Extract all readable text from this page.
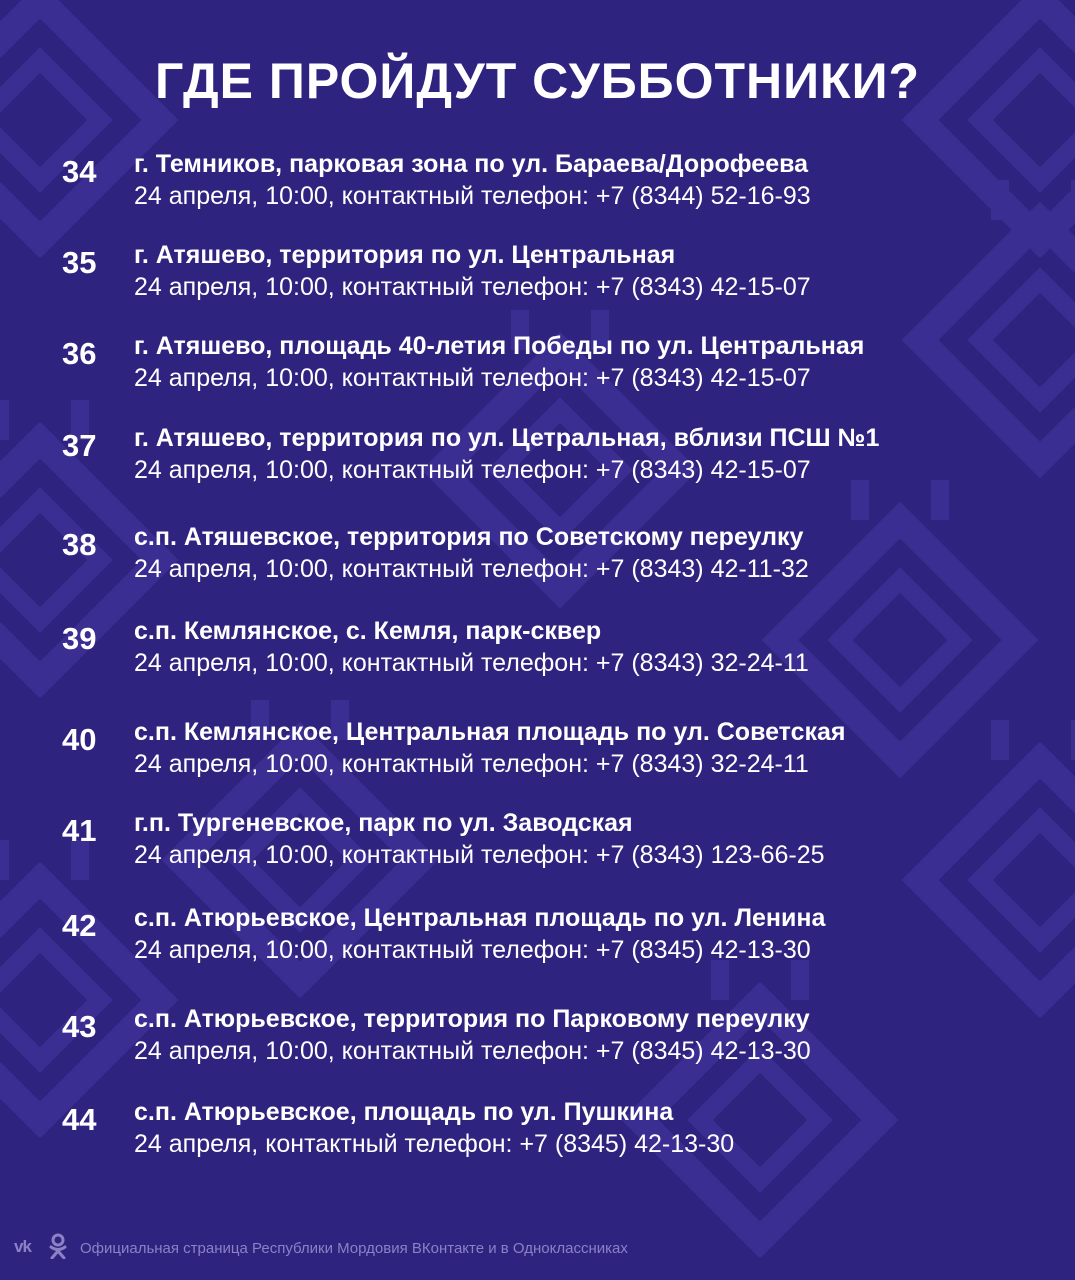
ГДЕ ПРОЙДУТ СУББОТНИКИ?
34 г. Темников, парковая зона по ул. Бараева/Дорофеева
24 апреля, 10:00, контактный телефон: +7 (8344) 52-16-93
35 г. Атяшево, территория по ул. Центральная
24 апреля, 10:00, контактный телефон: +7 (8343) 42-15-07
36 г. Атяшево, площадь 40-летия Победы по ул. Центральная
24 апреля, 10:00, контактный телефон: +7 (8343) 42-15-07
37 г. Атяшево, территория по ул. Цетральная, вблизи ПСШ №1
24 апреля, 10:00, контактный телефон: +7 (8343) 42-15-07
38 с.п. Атяшевское, территория по Советскому переулку
24 апреля, 10:00, контактный телефон: +7 (8343) 42-11-32
39 с.п. Кемлянское, с. Кемля, парк-сквер
24 апреля, 10:00, контактный телефон: +7 (8343) 32-24-11
40 с.п. Кемлянское, Центральная площадь по ул. Советская
24 апреля, 10:00, контактный телефон: +7 (8343) 32-24-11
41 г.п. Тургеневское, парк по ул. Заводская
24 апреля, 10:00, контактный телефон: +7 (8343) 123-66-25
42 с.п. Атюрьевское, Центральная площадь по ул. Ленина
24 апреля, 10:00, контактный телефон: +7 (8345) 42-13-30
43 с.п. Атюрьевское, территория по Парковому переулку
24 апреля, 10:00, контактный телефон: +7 (8345) 42-13-30
44 с.п. Атюрьевское, площадь по ул. Пушкина
24 апреля, контактный телефон: +7 (8345) 42-13-30
vk	Официальная страница Республики Мордовия ВКонтакте и в Одноклассниках
